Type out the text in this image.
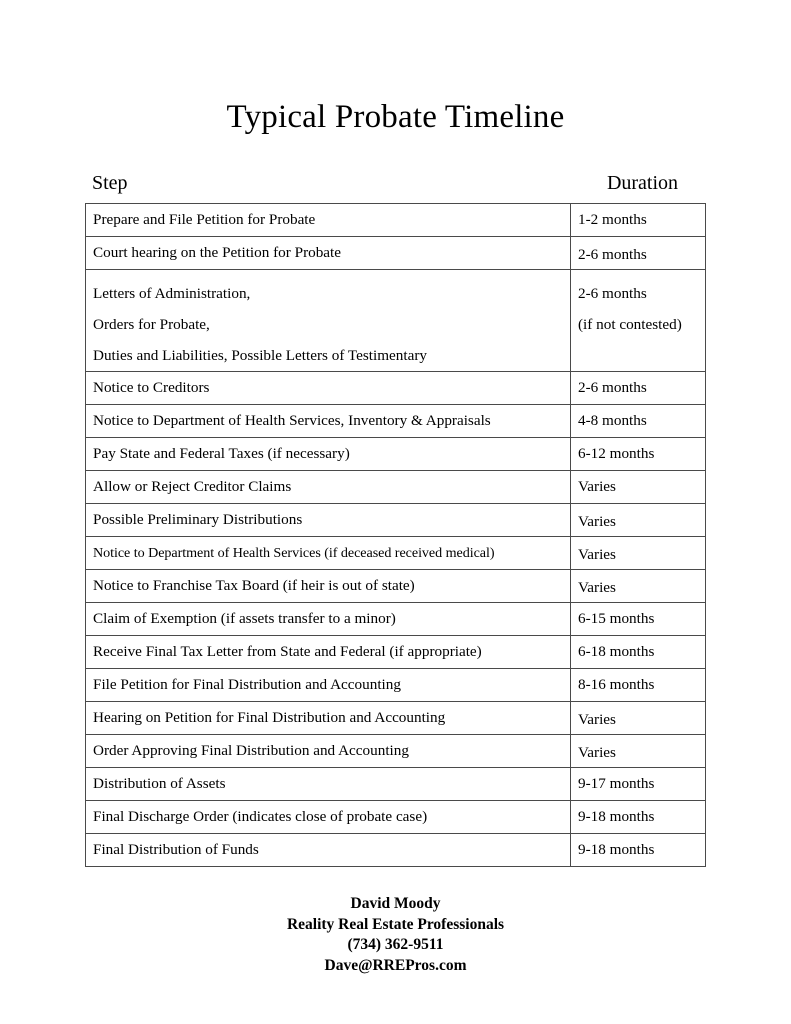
Typical Probate Timeline
Step	Duration
Prepare and File Petition for Probate	1-2 months
Court hearing on the Petition for Probate	2-6 months

Letters of Administration,
Orders for Probate,
Duties and Liabilities, Possible Letters of Testimentary	2-6 months
(if not contested)

Notice to Creditors	2-6 months
Notice to Department of Health Services, Inventory & Appraisals	4-8 months
Pay State and Federal Taxes (if necessary)	6-12 months
Allow or Reject Creditor Claims	Varies
Possible Preliminary Distributions	Varies
Notice to Department of Health Services (if deceased received medical)	Varies
Notice to Franchise Tax Board (if heir is out of state)	Varies
Claim of Exemption (if assets transfer to a minor)	6-15 months
Receive Final Tax Letter from State and Federal (if appropriate)	6-18 months
File Petition for Final Distribution and Accounting	8-16 months
Hearing on Petition for Final Distribution and Accounting	Varies
Order Approving Final Distribution and Accounting	Varies
Distribution of Assets	9-17 months
Final Discharge Order (indicates close of probate case)	9-18 months
Final Distribution of Funds	9-18 months
David Moody
Reality Real Estate Professionals
(734) 362-9511
Dave@RREPros.com
